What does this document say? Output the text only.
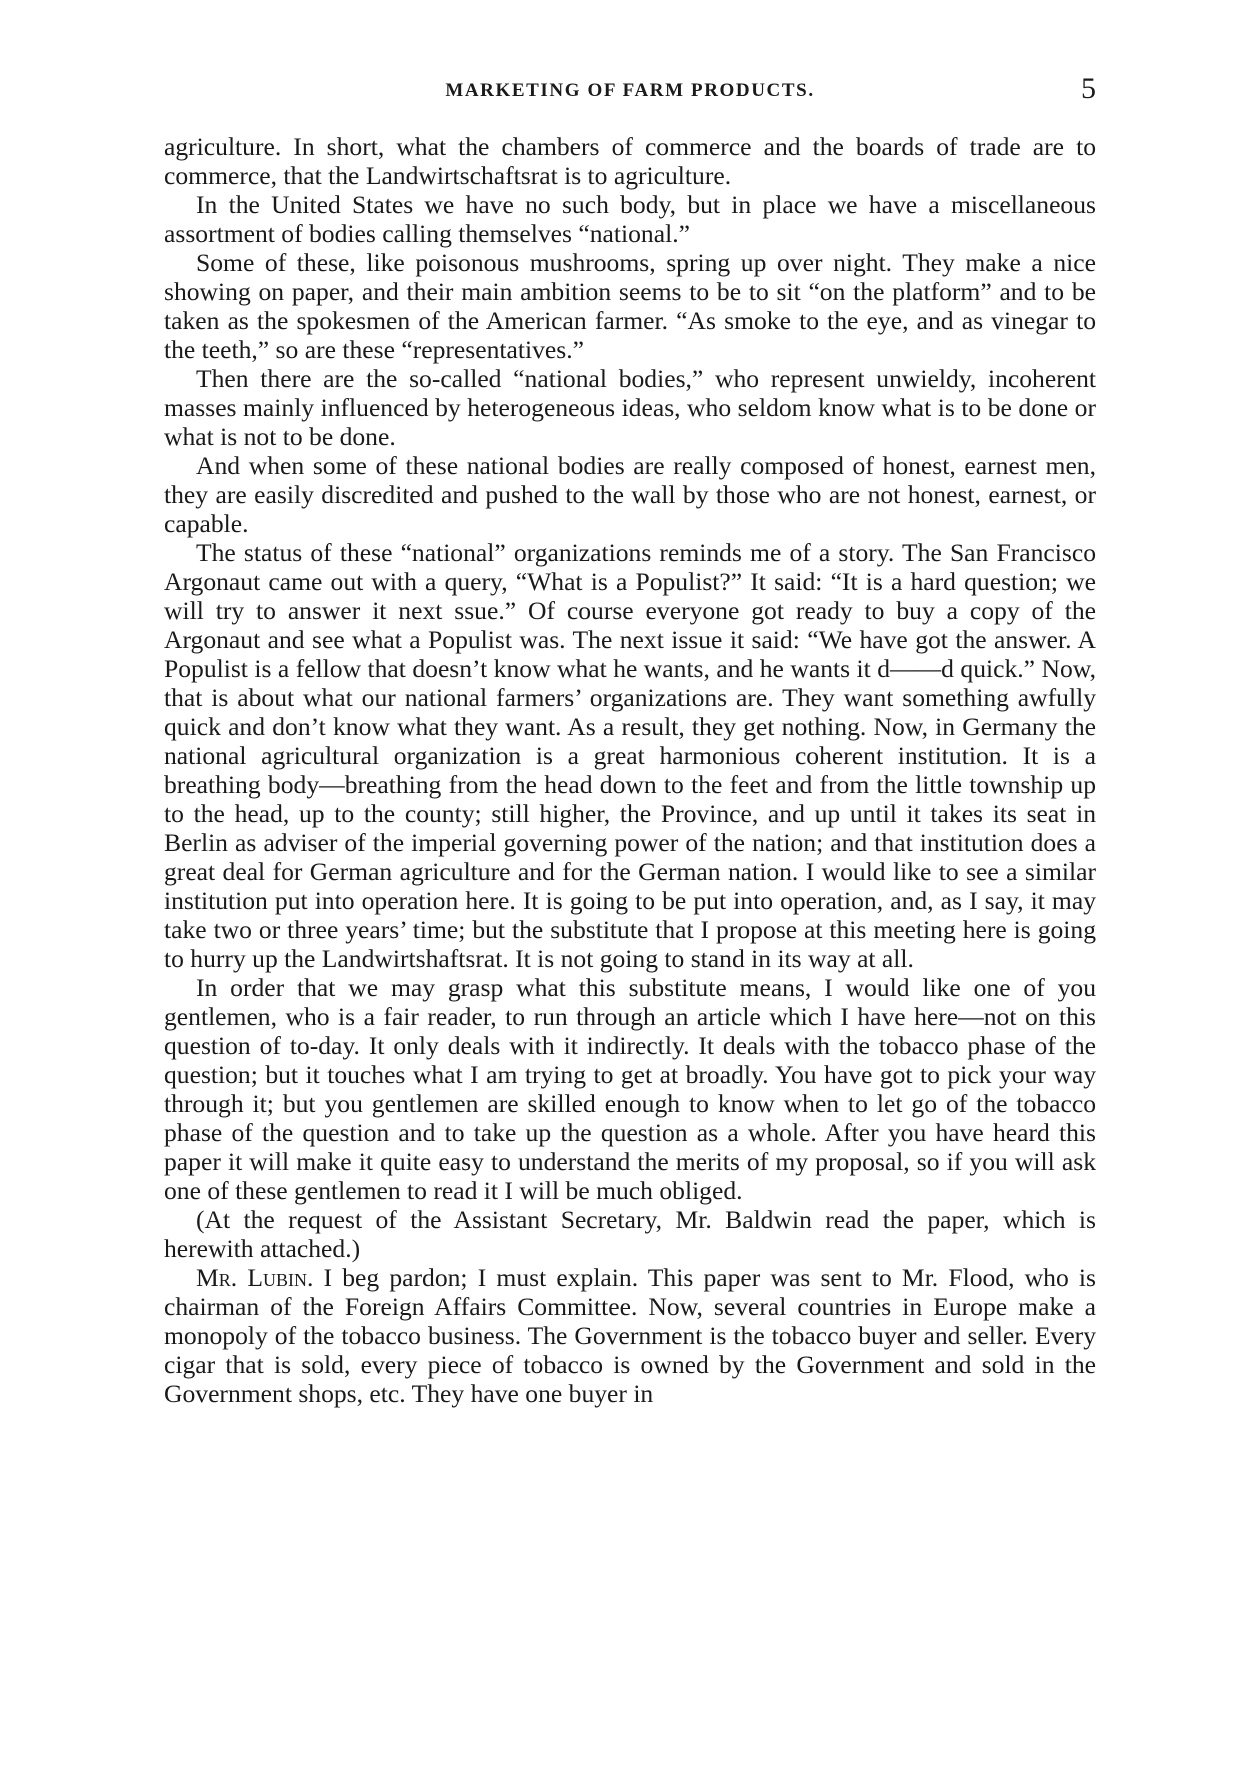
MARKETING OF FARM PRODUCTS.	5

agriculture. In short, what the chambers of commerce and the boards of trade are to commerce, that the Landwirtschaftsrat is to agriculture.

In the United States we have no such body, but in place we have a miscellaneous assortment of bodies calling themselves “national.”

Some of these, like poisonous mushrooms, spring up over night. They make a nice showing on paper, and their main ambition seems to be to sit “on the platform” and to be taken as the spokesmen of the American farmer. “As smoke to the eye, and as vinegar to the teeth,” so are these “representatives.”

Then there are the so-called “national bodies,” who represent unwieldy, incoherent masses mainly influenced by heterogeneous ideas, who seldom know what is to be done or what is not to be done.

And when some of these national bodies are really composed of honest, earnest men, they are easily discredited and pushed to the wall by those who are not honest, earnest, or capable.

The status of these “national” organizations reminds me of a story. The San Francisco Argonaut came out with a query, “What is a Populist?” It said: “It is a hard question; we will try to answer it next ssue.” Of course everyone got ready to buy a copy of the Argonaut and see what a Populist was. The next issue it said: “We have got the answer. A Populist is a fellow that doesn’t know what he wants, and he wants it d——d quick.” Now, that is about what our national farmers’ organizations are. They want something awfully quick and don’t know what they want. As a result, they get nothing. Now, in Germany the national agricultural organization is a great harmonious coherent institution. It is a breathing body—breathing from the head down to the feet and from the little township up to the head, up to the county; still higher, the Province, and up until it takes its seat in Berlin as adviser of the imperial governing power of the nation; and that institution does a great deal for German agriculture and for the German nation. I would like to see a similar institution put into operation here. It is going to be put into operation, and, as I say, it may take two or three years’ time; but the substitute that I propose at this meeting here is going to hurry up the Landwirtshaftsrat. It is not going to stand in its way at all.

In order that we may grasp what this substitute means, I would like one of you gentlemen, who is a fair reader, to run through an article which I have here—not on this question of to-day. It only deals with it indirectly. It deals with the tobacco phase of the question; but it touches what I am trying to get at broadly. You have got to pick your way through it; but you gentlemen are skilled enough to know when to let go of the tobacco phase of the question and to take up the question as a whole. After you have heard this paper it will make it quite easy to understand the merits of my proposal, so if you will ask one of these gentlemen to read it I will be much obliged.

(At the request of the Assistant Secretary, Mr. Baldwin read the paper, which is herewith attached.)

Mr. Lubin. I beg pardon; I must explain. This paper was sent to Mr. Flood, who is chairman of the Foreign Affairs Committee. Now, several countries in Europe make a monopoly of the tobacco business. The Government is the tobacco buyer and seller. Every cigar that is sold, every piece of tobacco is owned by the Government and sold in the Government shops, etc. They have one buyer in
